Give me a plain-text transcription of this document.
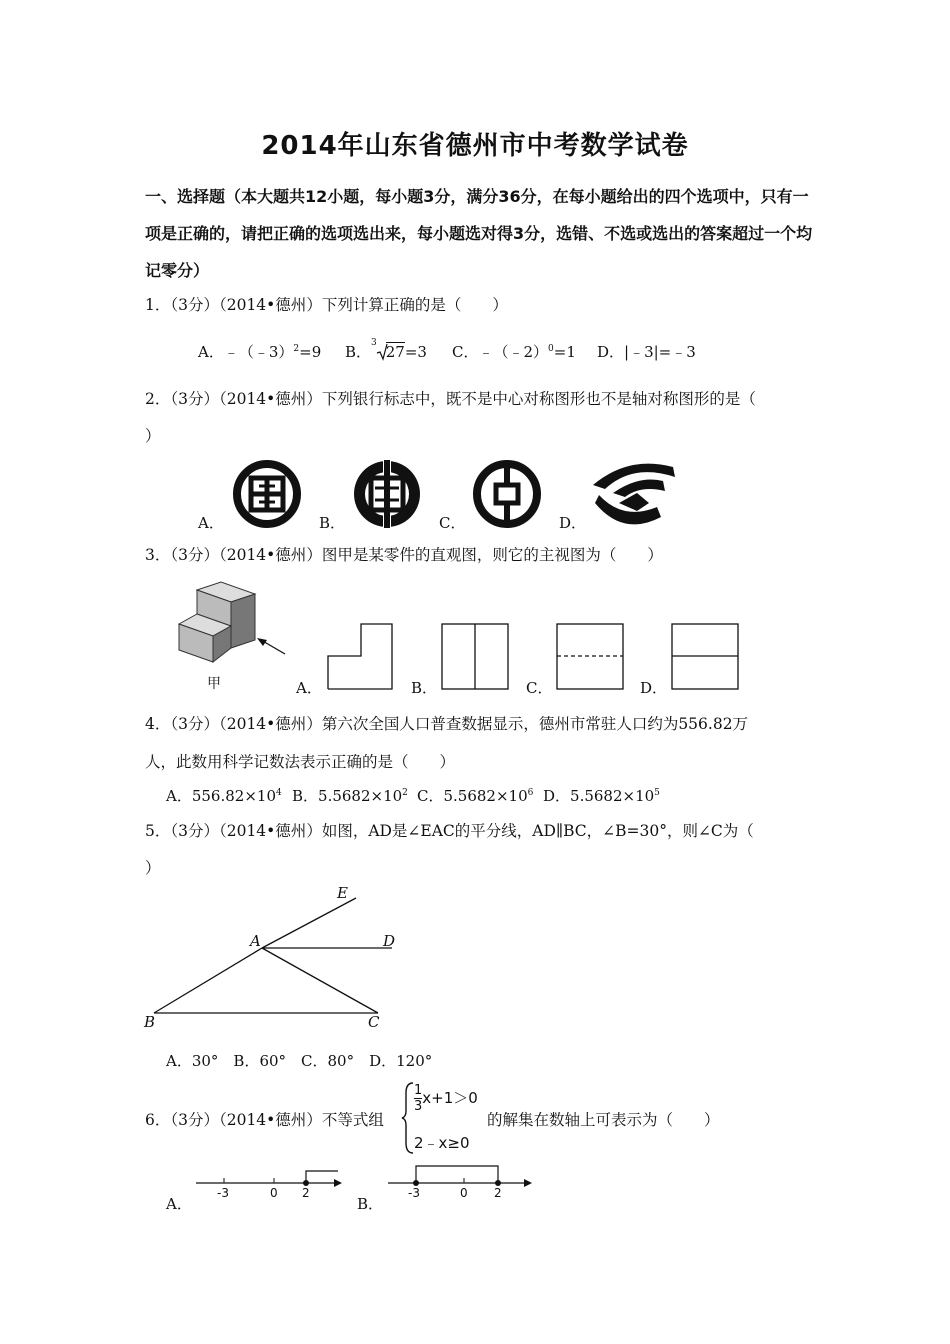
2014年山东省德州市中考数学试卷
一、选择题（本大题共12小题，每小题3分，满分36分，在每小题给出的四个选项中，只有一项是正确的，请把正确的选项选出来，每小题选对得3分，选错、不选或选出的答案超过一个均记零分）
1．（3分）（2014•德州）下列计算正确的是（　　）
A．﹣（﹣3）$^2$=9 B．$^3$ 27=3 C．﹣（﹣2）$^0$=1 D．|﹣3|=﹣3
2．（3分）（2014•德州）下列银行标志中，既不是中心对称图形也不是轴对称图形的是（
）
A．	B．	C．	D．
3．（3分）（2014•德州）图甲是某零件的直观图，则它的主视图为（　　）
甲	A．	B．	C．	D．
4．（3分）（2014•德州）第六次全国人口普查数据显示，德州市常驻人口约为556.82万
人，此数用科学记数法表示正确的是（　　）
A．$556.82\times 10^4$ B．$5.5682\times 10^2$ C．$5.5682\times 10^6$ D．$5.5682\times 10^5$
5．（3分）（2014•德州）如图，AD是∠EAC的平分线，AD∥BC，∠B=30°，则∠C为（
）
B	C
A	D
E
A．30°　B．60°　C．80°　D．120°
6．（3分）（2014•德州）不等式组
$\frac{1}{3} x+1>0$
2﹣x≥0
的解集在数轴上可表示为（　　）
A．
-3	0 2
B．
-3	0 2
